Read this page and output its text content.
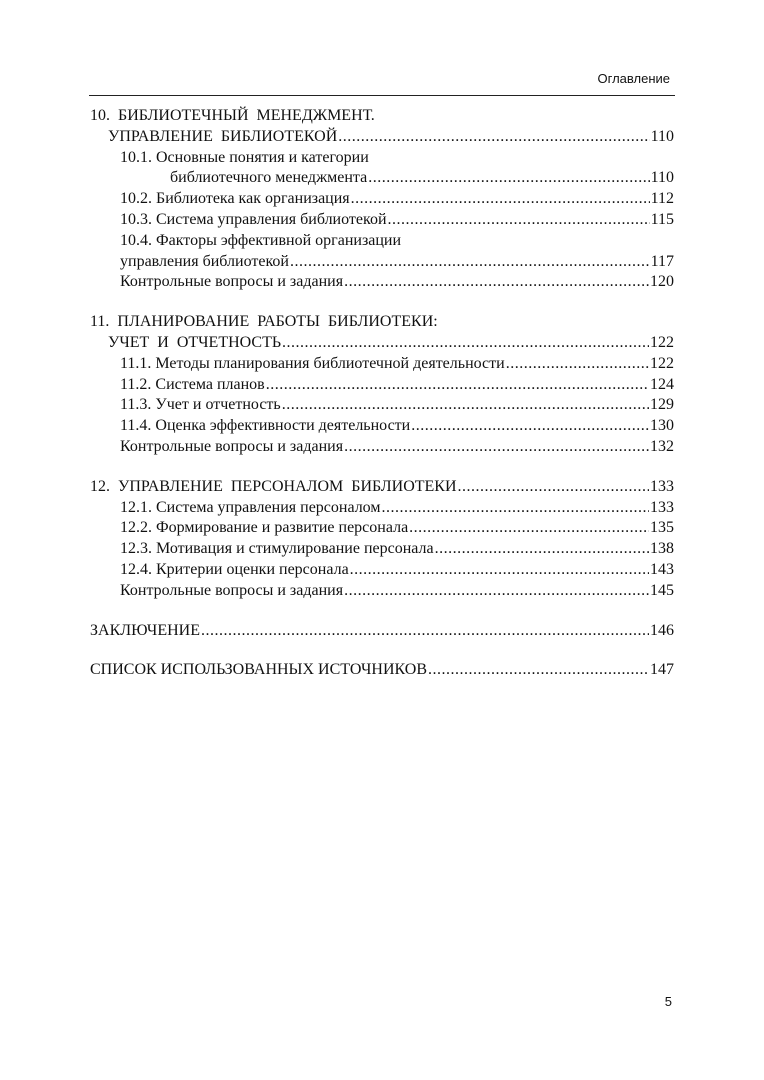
Оглавление
10. БИБЛИОТЕЧНЫЙ МЕНЕДЖМЕНТ.
УПРАВЛЕНИЕ БИБЛИОТЕКОЙ .....	110
10.1. Основные понятия и категории
библиотечного менеджмента .....	110
10.2. Библиотека как организация .....	112
10.3. Система управления библиотекой .....	115
10.4. Факторы эффективной организации
управления библиотекой .....	117
Контрольные вопросы и задания .....	120
11. ПЛАНИРОВАНИЕ РАБОТЫ БИБЛИОТЕКИ:
УЧЕТ И ОТЧЕТНОСТЬ .....	122
11.1. Методы планирования библиотечной деятельности .....	122
11.2. Система планов .....	124
11.3. Учет и отчетность .....	129
11.4. Оценка эффективности деятельности .....	130
Контрольные вопросы и задания .....	132
12. УПРАВЛЕНИЕ ПЕРСОНАЛОМ БИБЛИОТЕКИ .....	133
12.1. Система управления персоналом .....	133
12.2. Формирование и развитие персонала .....	135
12.3. Мотивация и стимулирование персонала .....	138
12.4. Критерии оценки персонала .....	143
Контрольные вопросы и задания .....	145
ЗАКЛЮЧЕНИЕ .....	146
СПИСОК ИСПОЛЬЗОВАННЫХ ИСТОЧНИКОВ .....	147
5
